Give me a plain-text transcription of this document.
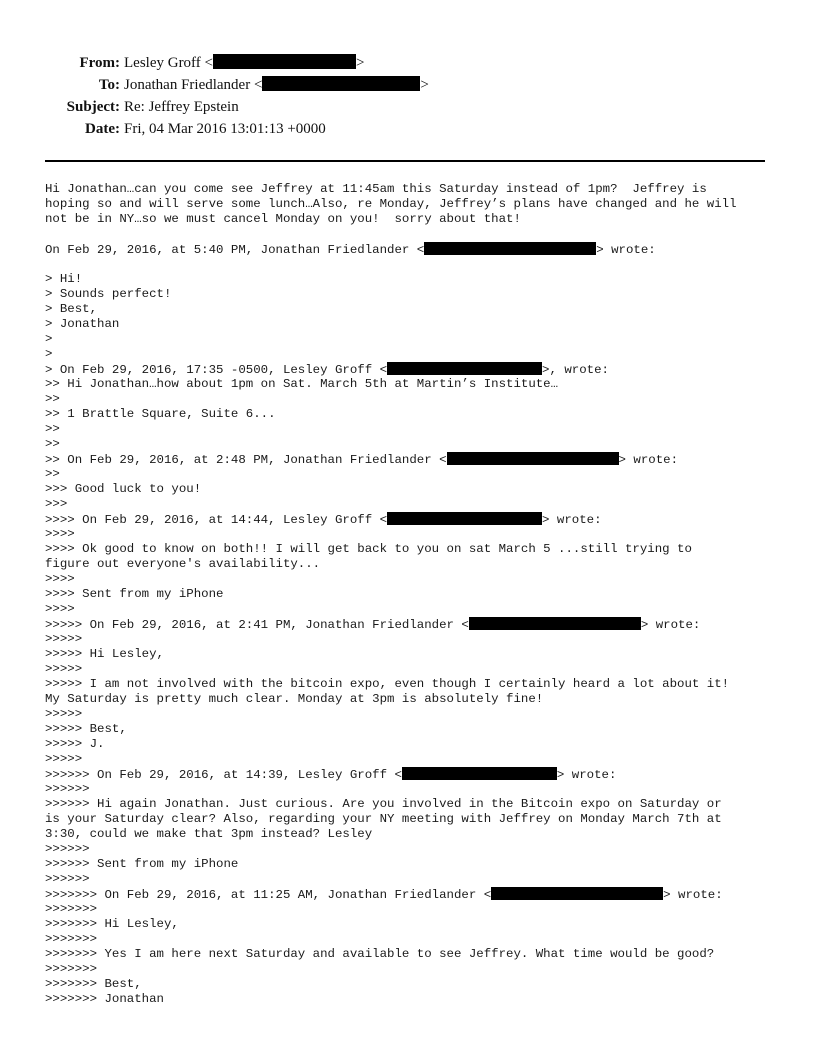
From: Lesley Groff <	>
To: Jonathan Friedlander <	>
Subject: Re: Jeffrey Epstein
Date: Fri, 04 Mar 2016 13:01:13 +0000
Hi Jonathan…can you come see Jeffrey at 11:45am this Saturday instead of 1pm?  Jeffrey is
hoping so and will serve some lunch…Also, re Monday, Jeffrey’s plans have changed and he will
not be in NY…so we must cancel Monday on you!  sorry about that!
On Feb 29, 2016, at 5:40 PM, Jonathan Friedlander <	> wrote:
> Hi!
> Sounds perfect!
> Best,
> Jonathan
>
>
> On Feb 29, 2016, 17:35 -0500, Lesley Groff <	>, wrote:
>> Hi Jonathan…how about 1pm on Sat. March 5th at Martin’s Institute…
>>
>> 1 Brattle Square, Suite 6...
>>
>>
>> On Feb 29, 2016, at 2:48 PM, Jonathan Friedlander <	> wrote:
>>
>>> Good luck to you!
>>>
>>>> On Feb 29, 2016, at 14:44, Lesley Groff <	> wrote:
>>>>
>>>> Ok good to know on both!! I will get back to you on sat March 5 ...still trying to
figure out everyone's availability...
>>>>
>>>> Sent from my iPhone
>>>>
>>>>> On Feb 29, 2016, at 2:41 PM, Jonathan Friedlander <	> wrote:
>>>>>
>>>>> Hi Lesley,
>>>>>
>>>>> I am not involved with the bitcoin expo, even though I certainly heard a lot about it!
My Saturday is pretty much clear. Monday at 3pm is absolutely fine!
>>>>>
>>>>> Best,
>>>>> J.
>>>>>
>>>>>> On Feb 29, 2016, at 14:39, Lesley Groff <	> wrote:
>>>>>>
>>>>>> Hi again Jonathan. Just curious. Are you involved in the Bitcoin expo on Saturday or
is your Saturday clear? Also, regarding your NY meeting with Jeffrey on Monday March 7th at
3:30, could we make that 3pm instead? Lesley
>>>>>>
>>>>>> Sent from my iPhone
>>>>>>
>>>>>>> On Feb 29, 2016, at 11:25 AM, Jonathan Friedlander <	> wrote:
>>>>>>>
>>>>>>> Hi Lesley,
>>>>>>>
>>>>>>> Yes I am here next Saturday and available to see Jeffrey. What time would be good?
>>>>>>>
>>>>>>> Best,
>>>>>>> Jonathan
